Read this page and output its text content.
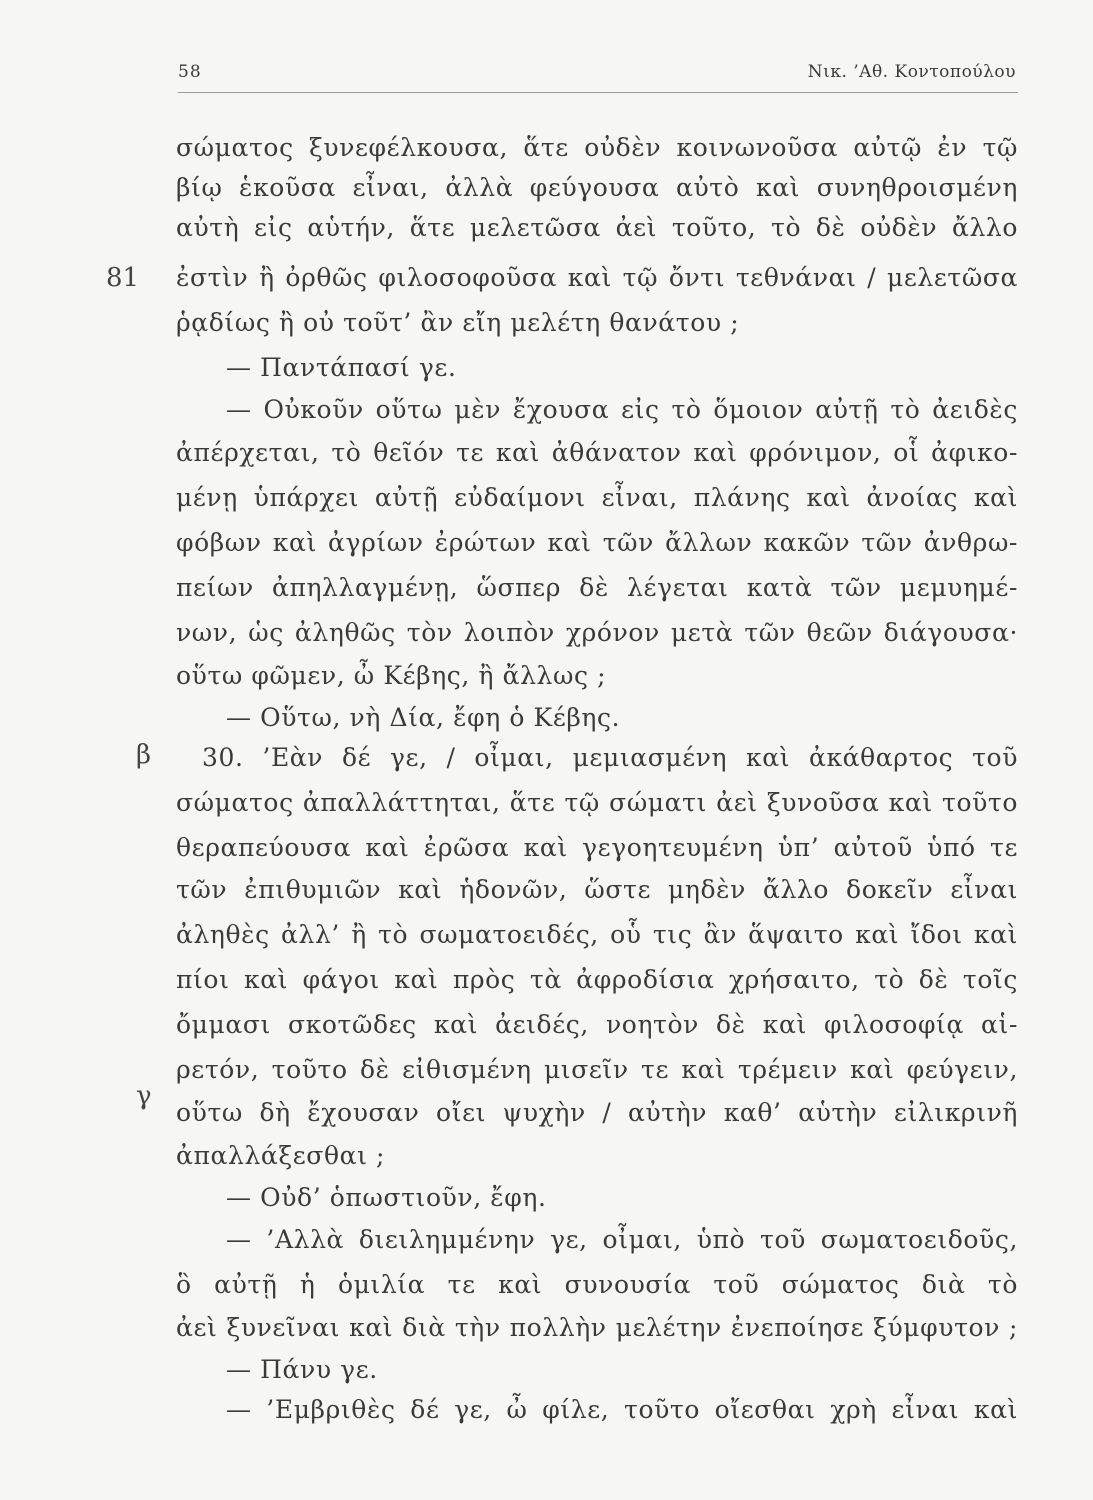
58	Νικ. ’Αθ. Κοντοπούλου
81
β
γ
σώματος ξυνεφέλκουσα, ἅτε οὐδὲν κοινωνοῦσα αὐτῷ ἐν τῷ
βίῳ ἑκοῦσα εἶναι, ἀλλὰ φεύγουσα αὐτὸ καὶ συνηθροισμένη
αὐτὴ εἰς αὑτήν, ἅτε μελετῶσα ἀεὶ τοῦτο, τὸ δὲ οὐδὲν ἄλλο
ἐστὶν ἢ ὀρθῶς φιλοσοφοῦσα καὶ τῷ ὄντι τεθνάναι / μελετῶσα
ῥᾳδίως ἢ οὐ τοῦτ’ ἂν εἴη μελέτη θανάτου ;
— Παντάπασί γε.
— Οὐκοῦν οὕτω μὲν ἔχουσα εἰς τὸ ὅμοιον αὐτῇ τὸ ἀειδὲς
ἀπέρχεται, τὸ θεῖόν τε καὶ ἀθάνατον καὶ φρόνιμον, οἷ ἀφικο-
μένῃ ὑπάρχει αὐτῇ εὐδαίμονι εἶναι, πλάνης καὶ ἀνοίας καὶ
φόβων καὶ ἀγρίων ἐρώτων καὶ τῶν ἄλλων κακῶν τῶν ἀνθρω-
πείων ἀπηλλαγμένῃ, ὥσπερ δὲ λέγεται κατὰ τῶν μεμυημέ-
νων, ὡς ἀληθῶς τὸν λοιπὸν χρόνον μετὰ τῶν θεῶν διάγουσα·
οὕτω φῶμεν, ὦ Κέβης, ἢ ἄλλως ;
— Οὕτω, νὴ Δία, ἔφη ὁ Κέβης.
30. ’Εὰν δέ γε, / οἶμαι, μεμιασμένη καὶ ἀκάθαρτος τοῦ
σώματος ἀπαλλάττηται, ἅτε τῷ σώματι ἀεὶ ξυνοῦσα καὶ τοῦτο
θεραπεύουσα καὶ ἐρῶσα καὶ γεγοητευμένη ὑπ’ αὐτοῦ ὑπό τε
τῶν ἐπιθυμιῶν καὶ ἡδονῶν, ὥστε μηδὲν ἄλλο δοκεῖν εἶναι
ἀληθὲς ἀλλ’ ἢ τὸ σωματοειδές, οὗ τις ἂν ἅψαιτο καὶ ἴδοι καὶ
πίοι καὶ φάγοι καὶ πρὸς τὰ ἀφροδίσια χρήσαιτο, τὸ δὲ τοῖς
ὄμμασι σκοτῶδες καὶ ἀειδές, νοητὸν δὲ καὶ φιλοσοφίᾳ αἱ-
ρετόν, τοῦτο δὲ εἰθισμένη μισεῖν τε καὶ τρέμειν καὶ φεύγειν,
οὕτω δὴ ἔχουσαν οἴει ψυχὴν / αὐτὴν καθ’ αὑτὴν εἰλικρινῆ
ἀπαλλάξεσθαι ;
— Οὐδ’ ὁπωστιοῦν, ἔφη.
— ’Αλλὰ διειλημμένην γε, οἶμαι, ὑπὸ τοῦ σωματοειδοῦς,
ὃ αὐτῇ ἡ ὁμιλία τε καὶ συνουσία τοῦ σώματος διὰ τὸ
ἀεὶ ξυνεῖναι καὶ διὰ τὴν πολλὴν μελέτην ἐνεποίησε ξύμφυτον ;
— Πάνυ γε.
— ’Εμβριθὲς δέ γε, ὦ φίλε, τοῦτο οἴεσθαι χρὴ εἶναι καὶ
